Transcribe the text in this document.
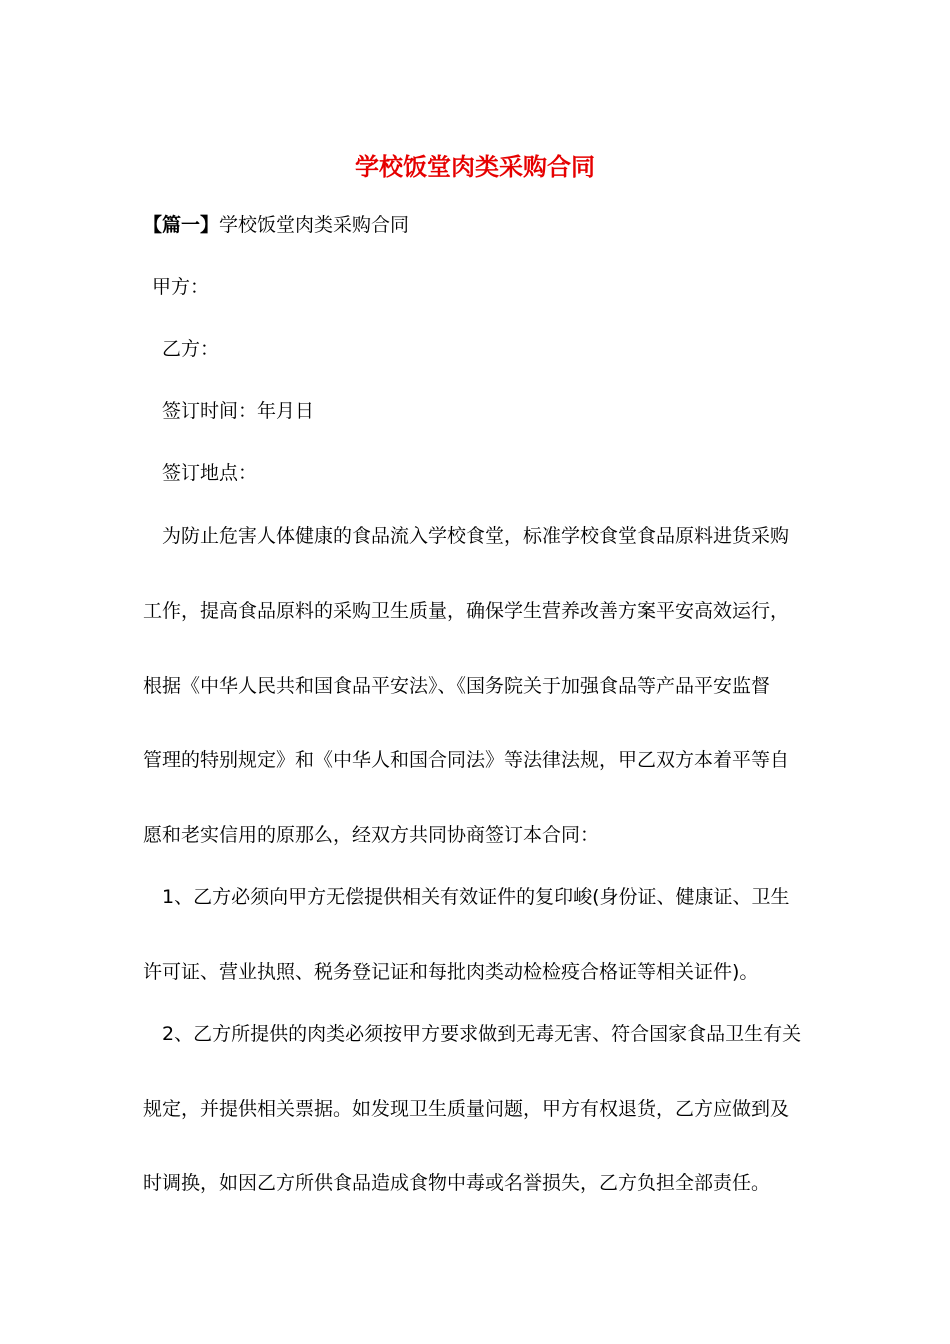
学校饭堂肉类采购合同
【篇一】学校饭堂肉类采购合同
甲方：
乙方：
签订时间：年月日
签订地点：
为防止危害人体健康的食品流入学校食堂，标准学校食堂食品原料进货采购
工作，提高食品原料的采购卫生质量，确保学生营养改善方案平安高效运行，
根据《中华人民共和国食品平安法》、《国务院关于加强食品等产品平安监督
管理的特别规定》和《中华人和国合同法》等法律法规，甲乙双方本着平等自
愿和老实信用的原那么，经双方共同协商签订本合同：
1、乙方必须向甲方无偿提供相关有效证件的复印峻(身份证、健康证、卫生
许可证、营业执照、税务登记证和每批肉类动检检疫合格证等相关证件)。
2、乙方所提供的肉类必须按甲方要求做到无毒无害、符合国家食品卫生有关
规定，并提供相关票据。如发现卫生质量问题，甲方有权退货，乙方应做到及
时调换，如因乙方所供食品造成食物中毒或名誉损失，乙方负担全部责任。
